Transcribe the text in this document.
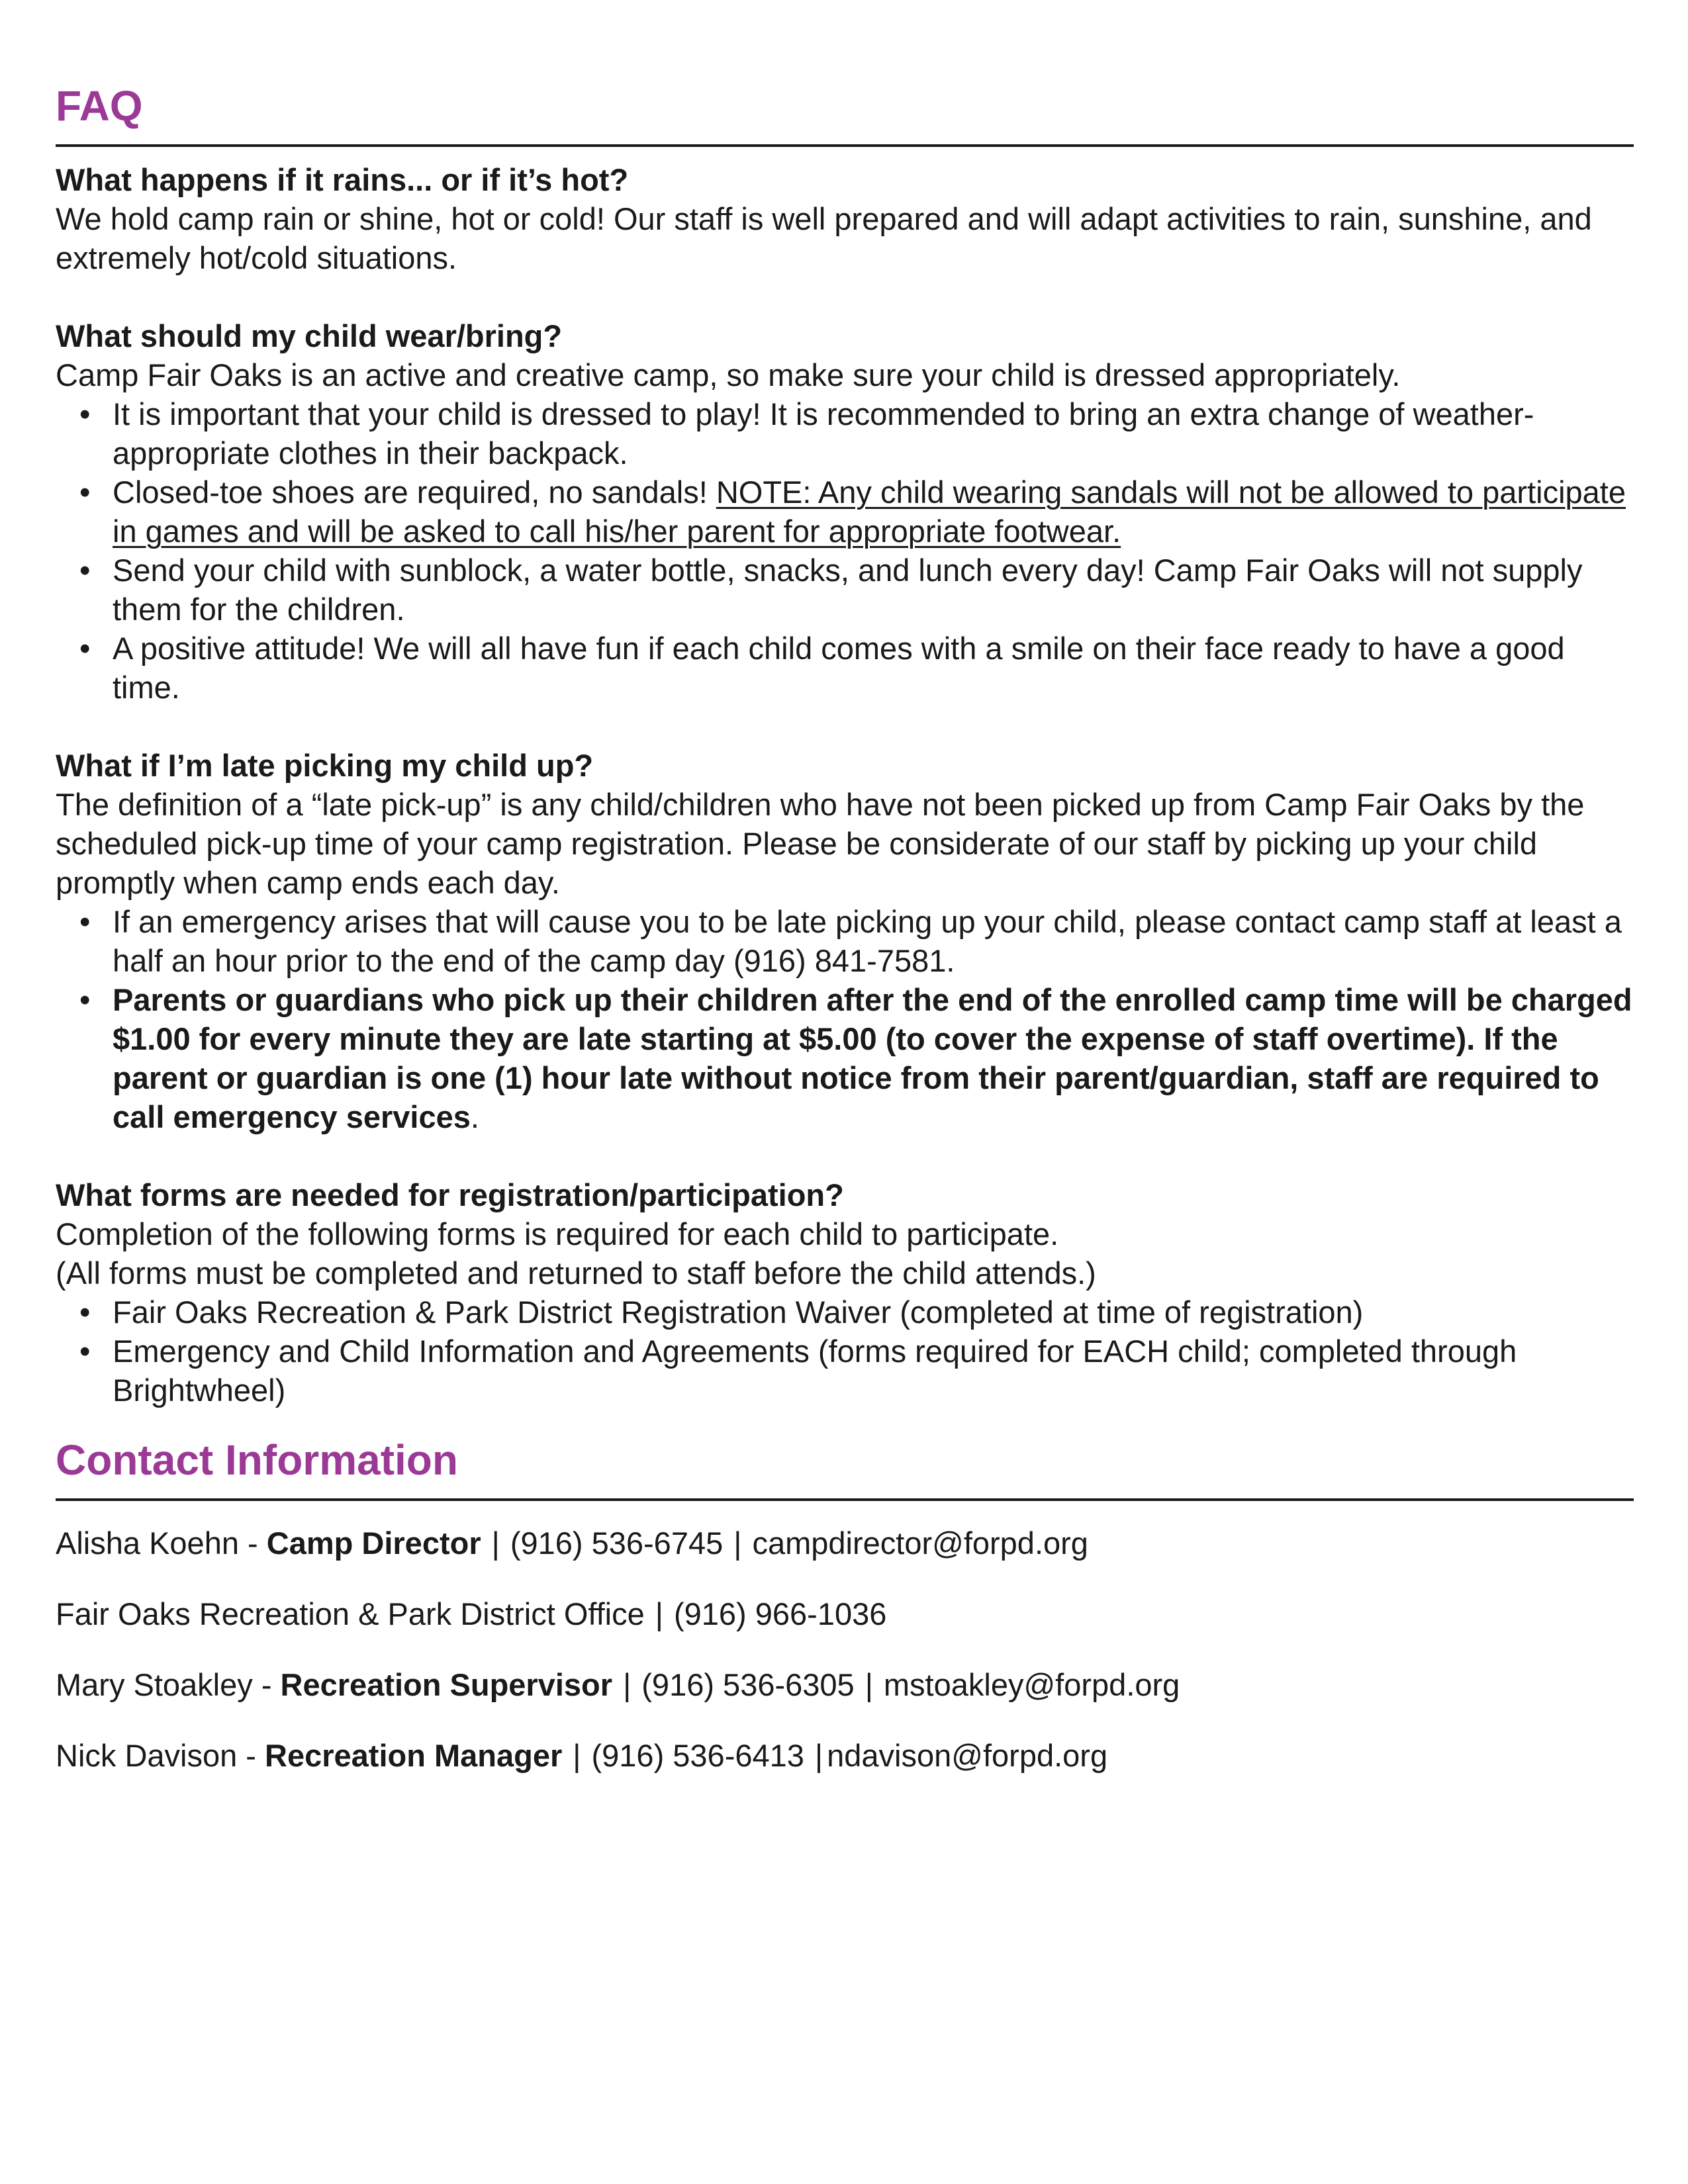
FAQ

What happens if it rains... or if it’s hot?

We hold camp rain or shine, hot or cold! Our staff is well prepared and will adapt activities to rain, sunshine, and extremely hot/cold situations.

What should my child wear/bring?

Camp Fair Oaks is an active and creative camp, so make sure your child is dressed appropriately.

• It is important that your child is dressed to play! It is recommended to bring an extra change of weather-appropriate clothes in their backpack.
• Closed-toe shoes are required, no sandals! NOTE: Any child wearing sandals will not be allowed to participate in games and will be asked to call his/her parent for appropriate footwear.
• Send your child with sunblock, a water bottle, snacks, and lunch every day! Camp Fair Oaks will not supply them for the children.
• A positive attitude! We will all have fun if each child comes with a smile on their face ready to have a good time.

What if I’m late picking my child up?

The definition of a “late pick-up” is any child/children who have not been picked up from Camp Fair Oaks by the scheduled pick-up time of your camp registration. Please be considerate of our staff by picking up your child promptly when camp ends each day.

• If an emergency arises that will cause you to be late picking up your child, please contact camp staff at least a half an hour prior to the end of the camp day (916) 841-7581.
• Parents or guardians who pick up their children after the end of the enrolled camp time will be charged $1.00 for every minute they are late starting at $5.00 (to cover the expense of staff overtime). If the parent or guardian is one (1) hour late without notice from their parent/guardian, staff are required to call emergency services.

What forms are needed for registration/participation?

Completion of the following forms is required for each child to participate.

(All forms must be completed and returned to staff before the child attends.)

• Fair Oaks Recreation & Park District Registration Waiver (completed at time of registration)
• Emergency and Child Information and Agreements (forms required for EACH child; completed through Brightwheel)
Contact Information

Alisha Koehn - Camp Director | (916) 536-6745 | campdirector@forpd.org

Fair Oaks Recreation & Park District Office | (916) 966-1036

Mary Stoakley - Recreation Supervisor | (916) 536-6305 | mstoakley@forpd.org

Nick Davison - Recreation Manager | (916) 536-6413 | ndavison@forpd.org
